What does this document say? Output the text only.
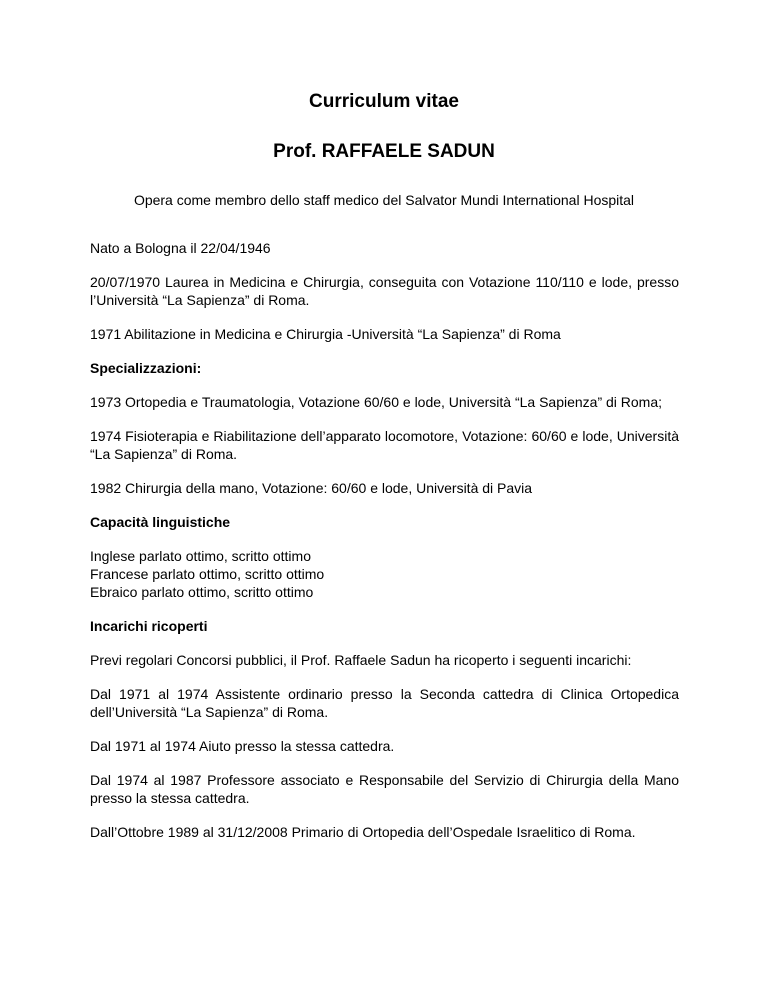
Curriculum vitae
Prof. RAFFAELE SADUN

Opera come membro dello staff medico del Salvator Mundi International Hospital

Nato a Bologna il 22/04/1946

20/07/1970 Laurea in Medicina e Chirurgia, conseguita con Votazione 110/110 e lode, presso l’Università “La Sapienza” di Roma.

1971 Abilitazione in Medicina e Chirurgia -Università “La Sapienza” di Roma

Specializzazioni:

1973 Ortopedia e Traumatologia, Votazione 60/60 e lode, Università “La Sapienza” di Roma;

1974 Fisioterapia e Riabilitazione dell’apparato locomotore, Votazione: 60/60 e lode, Università “La Sapienza” di Roma.

1982 Chirurgia della mano, Votazione: 60/60 e lode, Università di Pavia

Capacità linguistiche

Inglese parlato ottimo, scritto ottimo
Francese parlato ottimo, scritto ottimo
Ebraico parlato ottimo, scritto ottimo

Incarichi ricoperti

Previ regolari Concorsi pubblici, il Prof. Raffaele Sadun ha ricoperto i seguenti incarichi:

Dal 1971 al 1974 Assistente ordinario presso la Seconda cattedra di Clinica Ortopedica dell’Università “La Sapienza” di Roma.

Dal 1971 al 1974 Aiuto presso la stessa cattedra.

Dal 1974 al 1987 Professore associato e Responsabile del Servizio di Chirurgia della Mano presso la stessa cattedra.

Dall’Ottobre 1989 al 31/12/2008 Primario di Ortopedia dell’Ospedale Israelitico di Roma.
